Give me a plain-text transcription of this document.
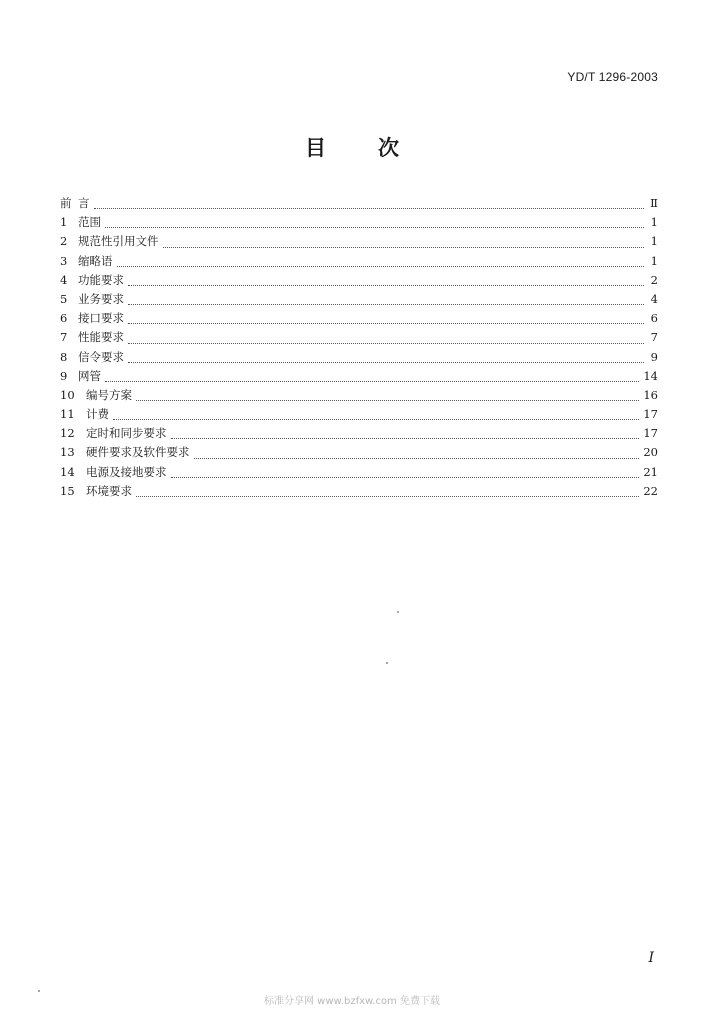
YD/T 1296-2003
目 次
前 言	Ⅱ
1 范围	1
2 规范性引用文件	1
3 缩略语	1
4 功能要求	2
5 业务要求	4
6 接口要求	6
7 性能要求	7
8 信令要求	9
9 网管	14
10 编号方案	16
11 计费	17
12 定时和同步要求	17
13 硬件要求及软件要求	20
14 电源及接地要求	21
15 环境要求	22
I
标准分享网 www.bzfxw.com 免费下载
